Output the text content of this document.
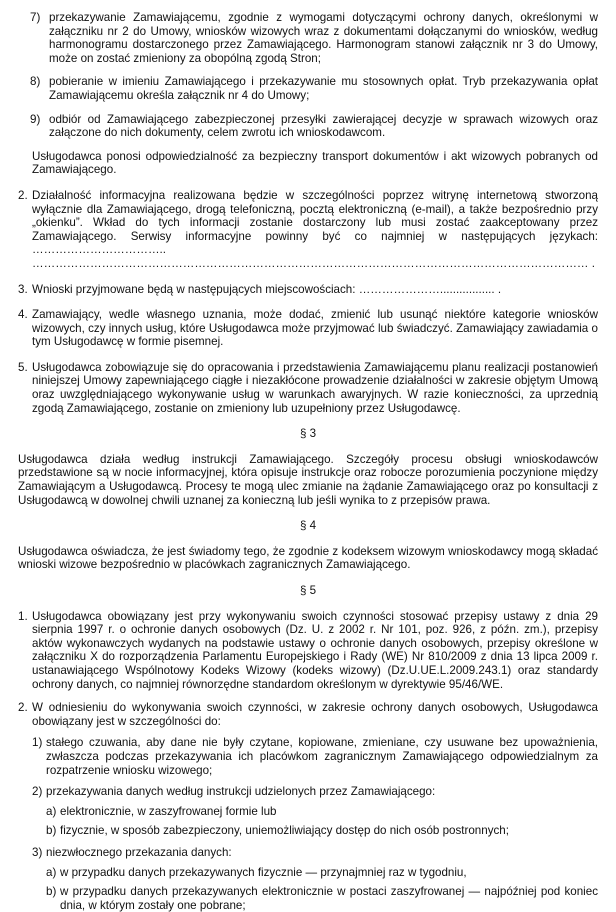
7) przekazywanie Zamawiającemu, zgodnie z wymogami dotyczącymi ochrony danych, określonymi w załączniku nr 2 do Umowy, wniosków wizowych wraz z dokumentami dołączanymi do wniosków, według harmonogramu dostarczonego przez Zamawiającego. Harmonogram stanowi załącznik nr 3 do Umowy, może on zostać zmieniony za obopólną zgodą Stron;
8) pobieranie w imieniu Zamawiającego i przekazywanie mu stosownych opłat. Tryb przekazywania opłat Zamawiającemu określa załącznik nr 4 do Umowy;
9) odbiór od Zamawiającego zabezpieczonej przesyłki zawierającej decyzje w sprawach wizowych oraz załączone do nich dokumenty, celem zwrotu ich wnioskodawcom.

Usługodawca ponosi odpowiedzialność za bezpieczny transport dokumentów i akt wizowych pobranych od Zamawiającego.

2. Działalność informacyjna realizowana będzie w szczególności poprzez witrynę internetową stworzoną wyłącznie dla Zamawiającego, drogą telefoniczną, pocztą elektroniczną (e-mail), a także bezpośrednio przy „okienku”. Wkład do tych informacji zostanie dostarczony lub musi zostać zaakceptowany przez Zamawiającego. Serwisy informacyjne powinny być co najmniej w następujących językach: …………………………….. ……………………………………………………………………………………………………………………………… .
3. Wnioski przyjmowane będą w następujących miejscowościach: …………………................. .
4. Zamawiający, wedle własnego uznania, może dodać, zmienić lub usunąć niektóre kategorie wniosków wizowych, czy innych usług, które Usługodawca może przyjmować lub świadczyć. Zamawiający zawiadamia o tym Usługodawcę w formie pisemnej.
5. Usługodawca zobowiązuje się do opracowania i przedstawienia Zamawiającemu planu realizacji postanowień niniejszej Umowy zapewniającego ciągłe i niezakłócone prowadzenie działalności w zakresie objętym Umową oraz uwzględniającego wykonywanie usług w warunkach awaryjnych. W razie konieczności, za uprzednią zgodą Zamawiającego, zostanie on zmieniony lub uzupełniony przez Usługodawcę.
§ 3

Usługodawca działa według instrukcji Zamawiającego. Szczegóły procesu obsługi wnioskodawców przedstawione są w nocie informacyjnej, która opisuje instrukcje oraz robocze porozumienia poczynione między Zamawiającym a Usługodawcą. Procesy te mogą ulec zmianie na żądanie Zamawiającego oraz po konsultacji z Usługodawcą w dowolnej chwili uznanej za konieczną lub jeśli wynika to z przepisów prawa.

§ 4

Usługodawca oświadcza, że jest świadomy tego, że zgodnie z kodeksem wizowym wnioskodawcy mogą składać wnioski wizowe bezpośrednio w placówkach zagranicznych Zamawiającego.

§ 5
1. Usługodawca obowiązany jest przy wykonywaniu swoich czynności stosować przepisy ustawy z dnia 29 sierpnia 1997 r. o ochronie danych osobowych (Dz. U. z 2002 r. Nr 101, poz. 926, z późn. zm.), przepisy aktów wykonawczych wydanych na podstawie ustawy o ochronie danych osobowych, przepisy określone w załączniku X do rozporządzenia Parlamentu Europejskiego i Rady (WE) Nr 810/2009 z dnia 13 lipca 2009 r. ustanawiającego Wspólnotowy Kodeks Wizowy (kodeks wizowy) (Dz.U.UE.L.2009.243.1) oraz standardy ochrony danych, co najmniej równorzędne standardom określonym w dyrektywie 95/46/WE.
2. W odniesieniu do wykonywania swoich czynności, w zakresie ochrony danych osobowych, Usługodawca obowiązany jest w szczególności do:
1) stałego czuwania, aby dane nie były czytane, kopiowane, zmieniane, czy usuwane bez upoważnienia, zwłaszcza podczas przekazywania ich placówkom zagranicznym Zamawiającego odpowiedzialnym za rozpatrzenie wniosku wizowego;
2) przekazywania danych według instrukcji udzielonych przez Zamawiającego:
a) elektronicznie, w zaszyfrowanej formie lub
b) fizycznie, w sposób zabezpieczony, uniemożliwiający dostęp do nich osób postronnych;
3) niezwłocznego przekazania danych:
a) w przypadku danych przekazywanych fizycznie — przynajmniej raz w tygodniu,
b) w przypadku danych przekazywanych elektronicznie w postaci zaszyfrowanej — najpóźniej pod koniec dnia, w którym zostały one pobrane;
